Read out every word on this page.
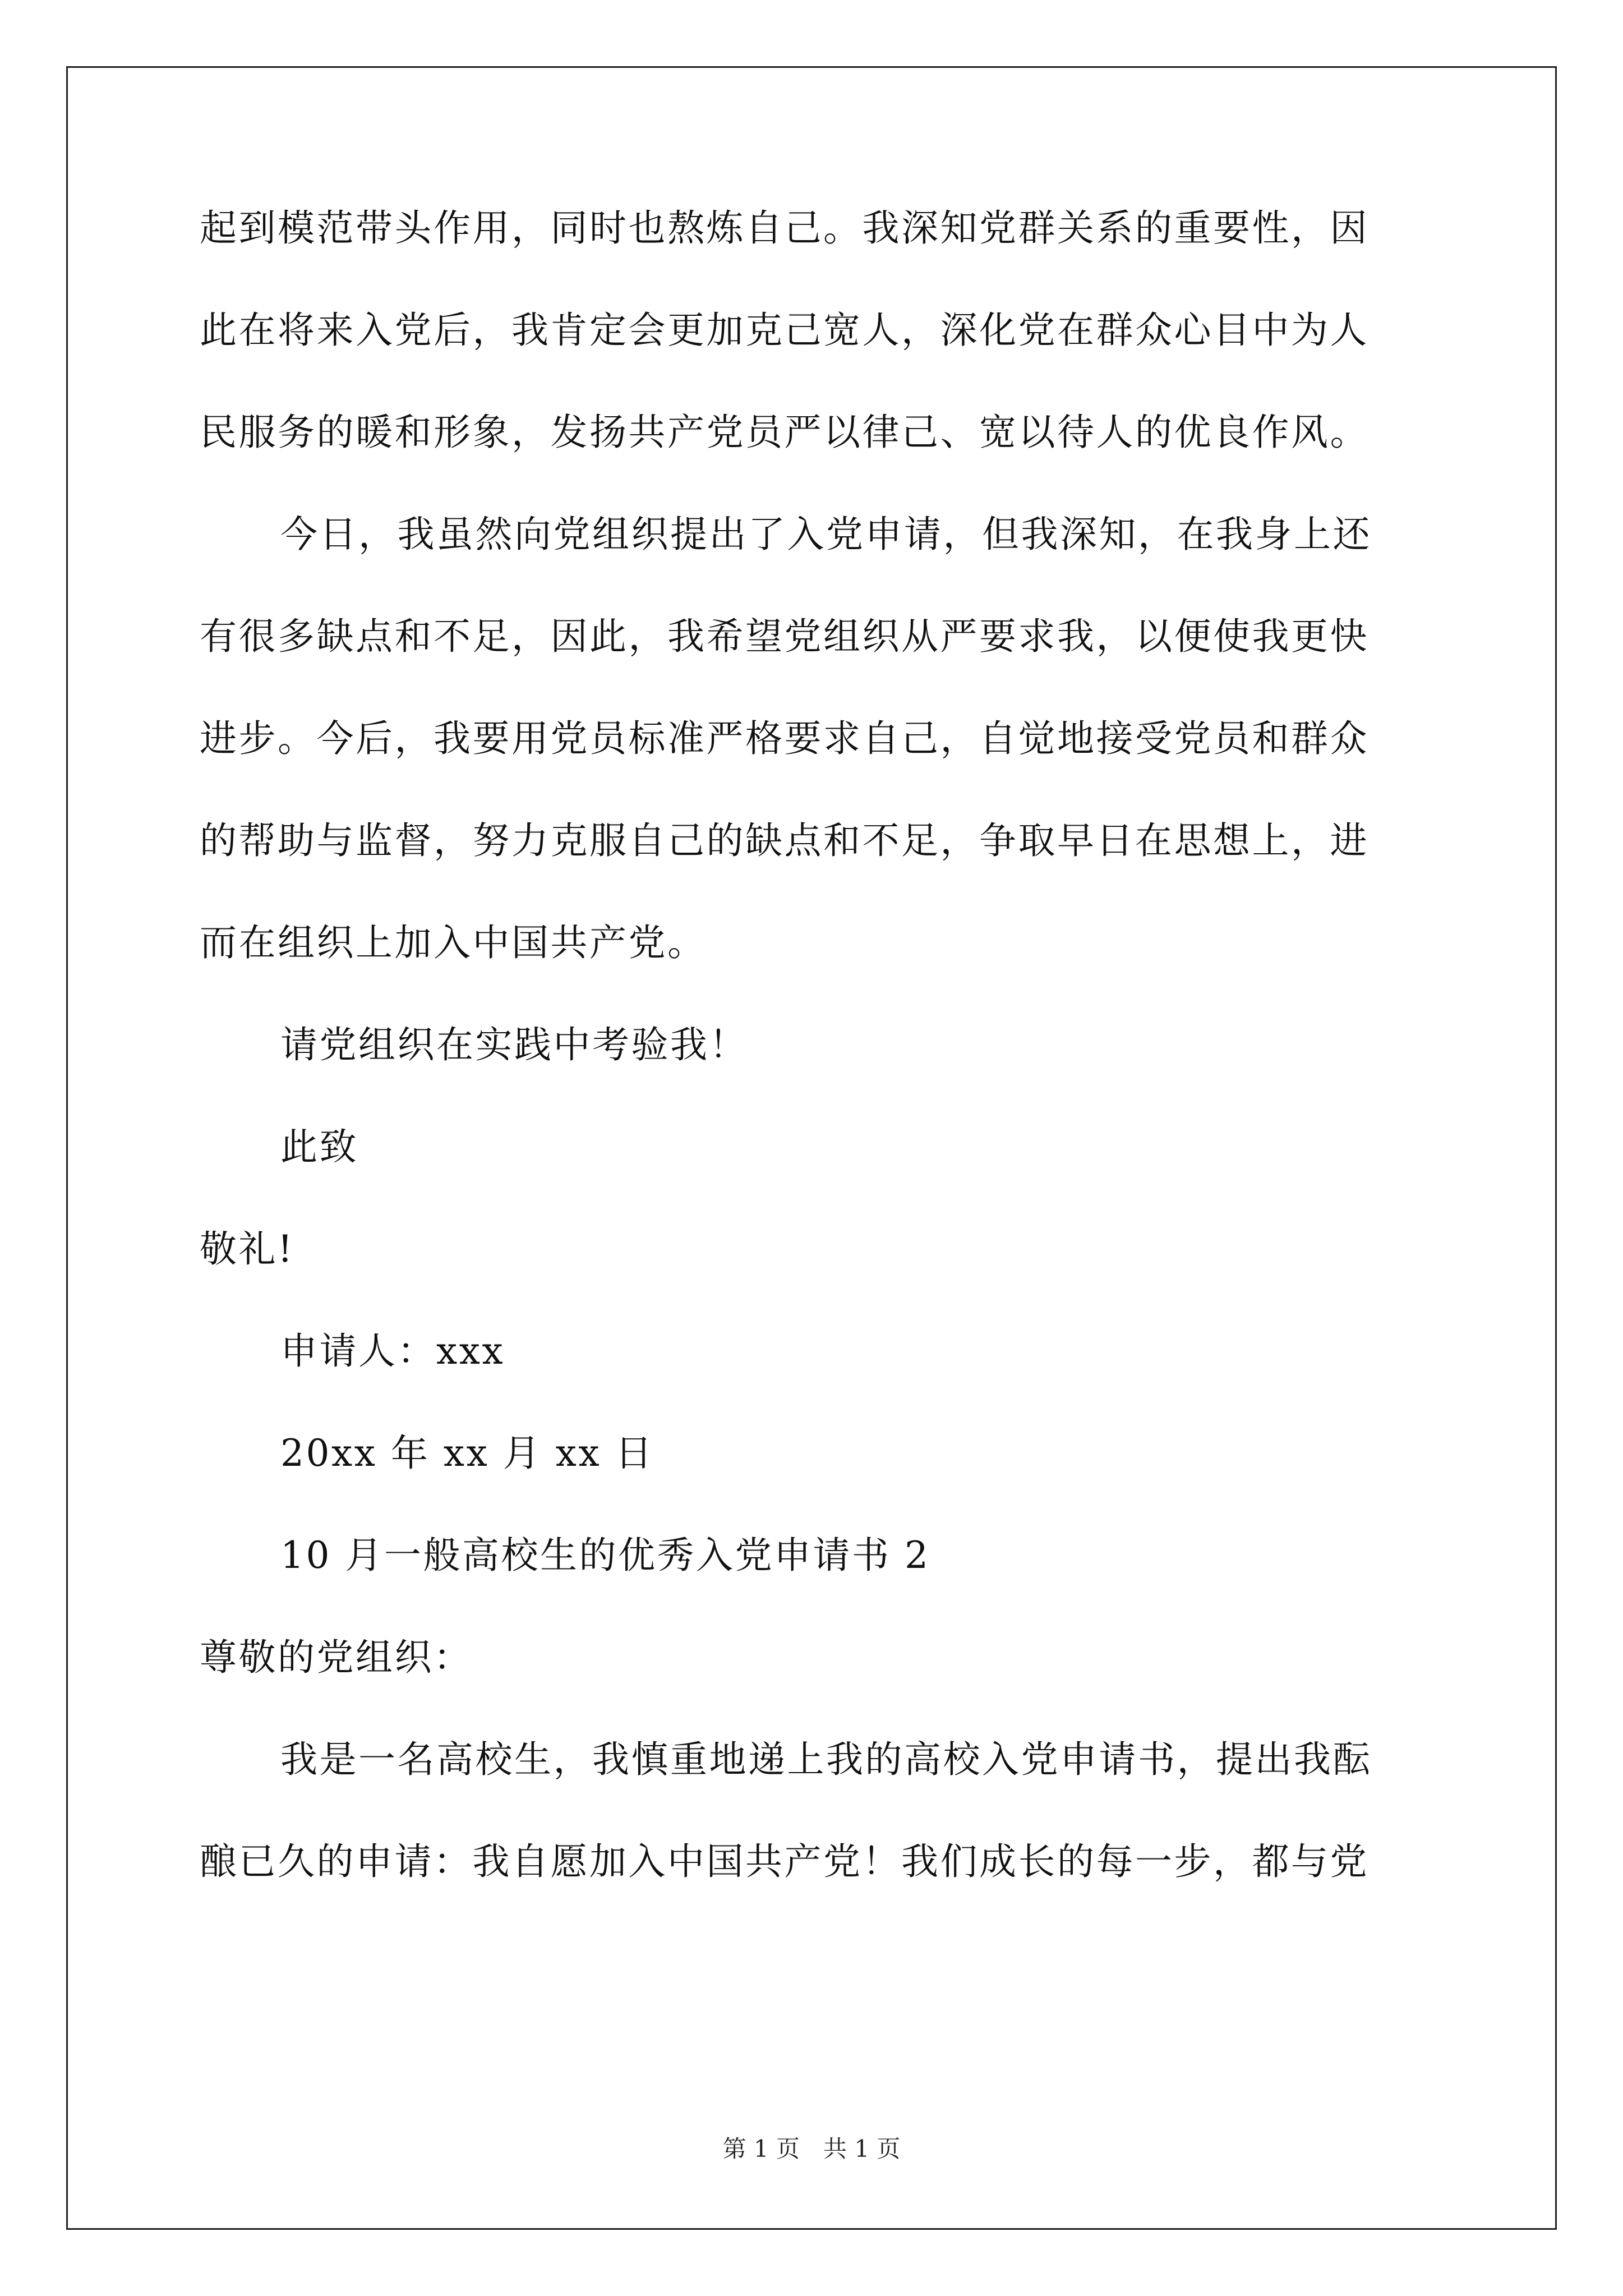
起到模范带头作用，同时也熬炼自己。我深知党群关系的重要性，因
此在将来入党后，我肯定会更加克己宽人，深化党在群众心目中为人
民服务的暖和形象，发扬共产党员严以律己、宽以待人的优良作风。
今日，我虽然向党组织提出了入党申请，但我深知，在我身上还
有很多缺点和不足，因此，我希望党组织从严要求我，以便使我更快
进步。今后，我要用党员标准严格要求自己，自觉地接受党员和群众
的帮助与监督，努力克服自己的缺点和不足，争取早日在思想上，进
而在组织上加入中国共产党。
请党组织在实践中考验我！
此致
敬礼!
申请人：xxx
20xx 年 xx 月 xx 日
10 月一般高校生的优秀入党申请书 2
尊敬的党组织：
我是一名高校生，我慎重地递上我的高校入党申请书，提出我酝
酿已久的申请：我自愿加入中国共产党！我们成长的每一步，都与党
第 1 页　共 1 页
